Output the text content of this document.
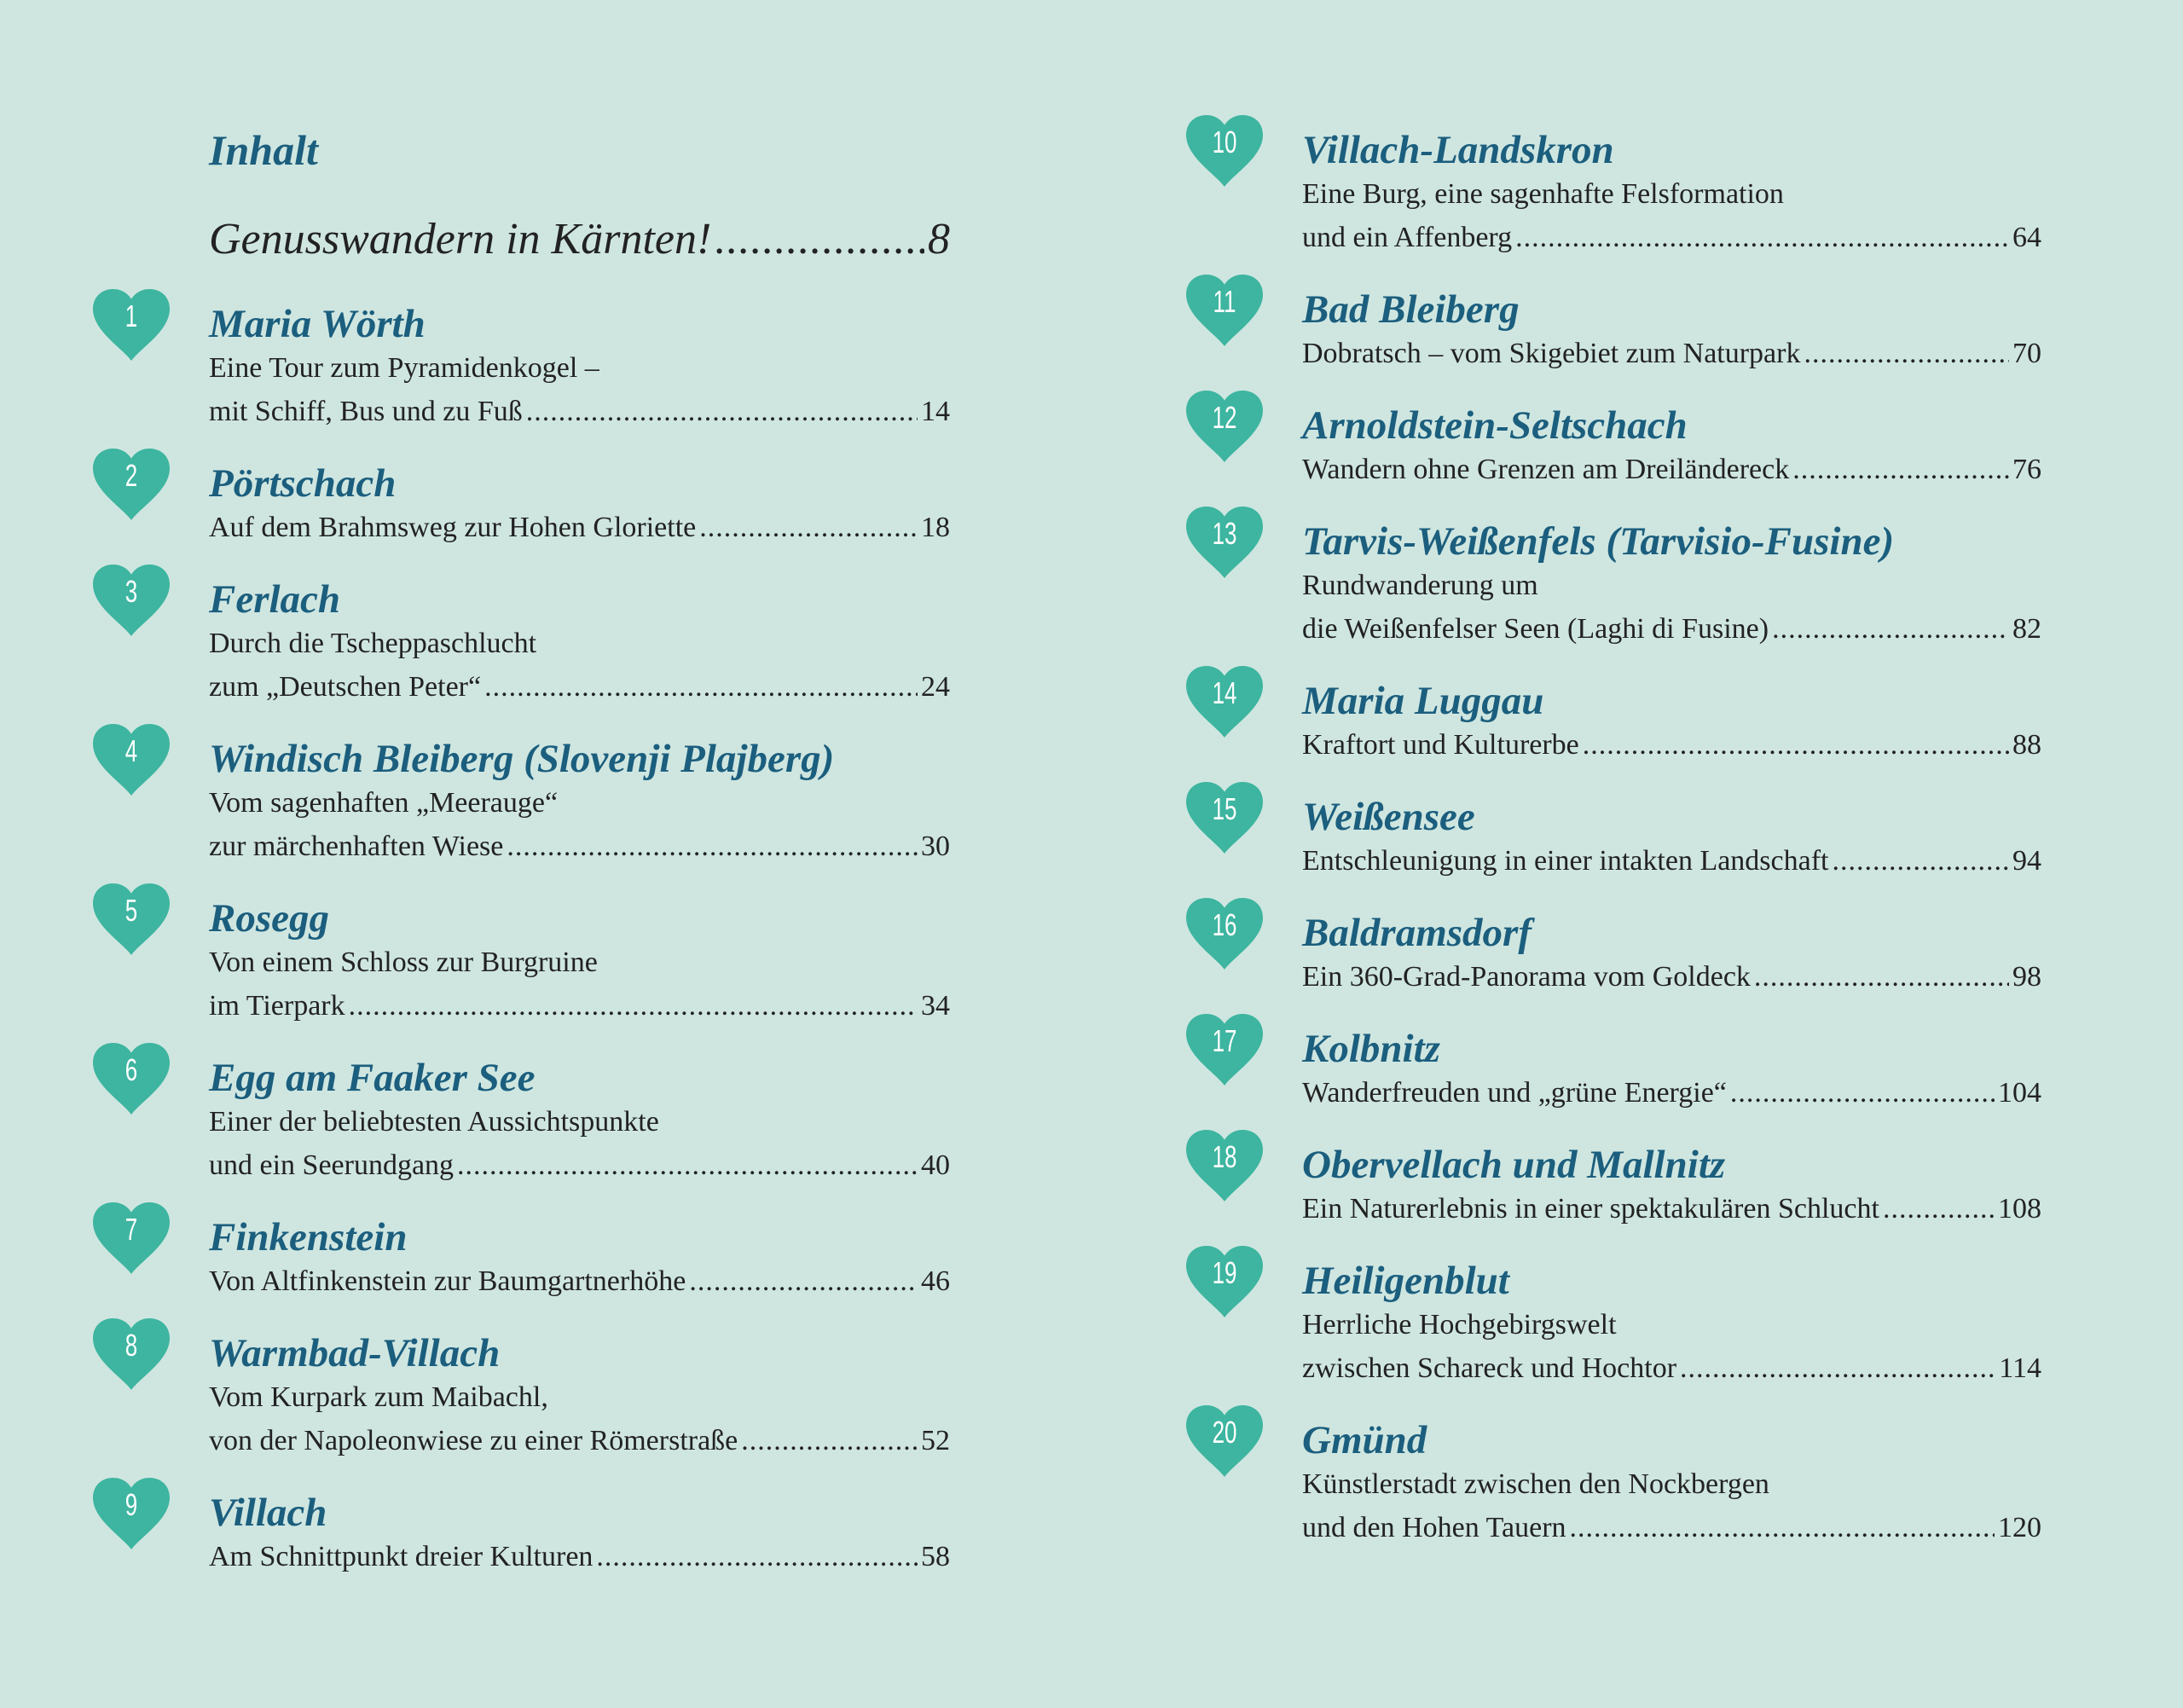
Inhalt
Genusswandern in Kärnten! .....	8
1	Maria Wörth
Eine Tour zum Pyramidenkogel –
mit Schiff, Bus und zu Fuß .....	14
2	Pörtschach
Auf dem Brahmsweg zur Hohen Gloriette .....	18
3	Ferlach
Durch die Tscheppaschlucht
zum „Deutschen Peter“ .....	24
4	Windisch Bleiberg (Slovenji Plajberg)
Vom sagenhaften „Meerauge“
zur märchenhaften Wiese .....	30
5	Rosegg
Von einem Schloss zur Burgruine
im Tierpark .....	34
6	Egg am Faaker See
Einer der beliebtesten Aussichtspunkte
und ein Seerundgang .....	40
7	Finkenstein
Von Altfinkenstein zur Baumgartnerhöhe .....	46
8	Warmbad-Villach
Vom Kurpark zum Maibachl,
von der Napoleonwiese zu einer Römerstraße .....	52
9	Villach
Am Schnittpunkt dreier Kulturen .....	58
10	Villach-Landskron
Eine Burg, eine sagenhafte Felsformation
und ein Affenberg .....	64
11	Bad Bleiberg
Dobratsch – vom Skigebiet zum Naturpark .....	70
12	Arnoldstein-Seltschach
Wandern ohne Grenzen am Dreiländereck .....	76
13	Tarvis-Weißenfels (Tarvisio-Fusine)
Rundwanderung um
die Weißenfelser Seen (Laghi di Fusine) .....	82
14	Maria Luggau
Kraftort und Kulturerbe .....	88
15	Weißensee
Entschleunigung in einer intakten Landschaft .....	94
16	Baldramsdorf
Ein 360-Grad-Panorama vom Goldeck .....	98
17	Kolbnitz
Wanderfreuden und „grüne Energie“ .....	104
18	Obervellach und Mallnitz
Ein Naturerlebnis in einer spektakulären Schlucht .....	108
19	Heiligenblut
Herrliche Hochgebirgswelt
zwischen Schareck und Hochtor .....	114
20	Gmünd
Künstlerstadt zwischen den Nockbergen
und den Hohen Tauern .....	120
